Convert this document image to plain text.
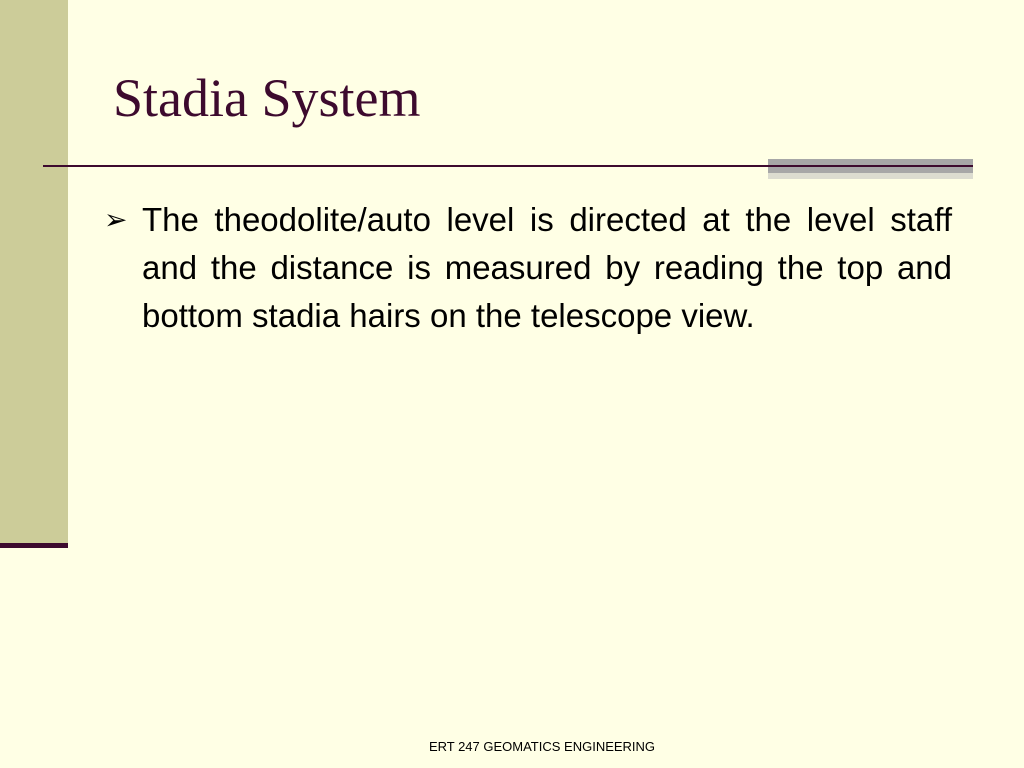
Stadia System
➢ The theodolite/auto level is directed at the level staff and the distance is measured by reading the top and bottom stadia hairs on the telescope view.

ERT 247 GEOMATICS ENGINEERING
